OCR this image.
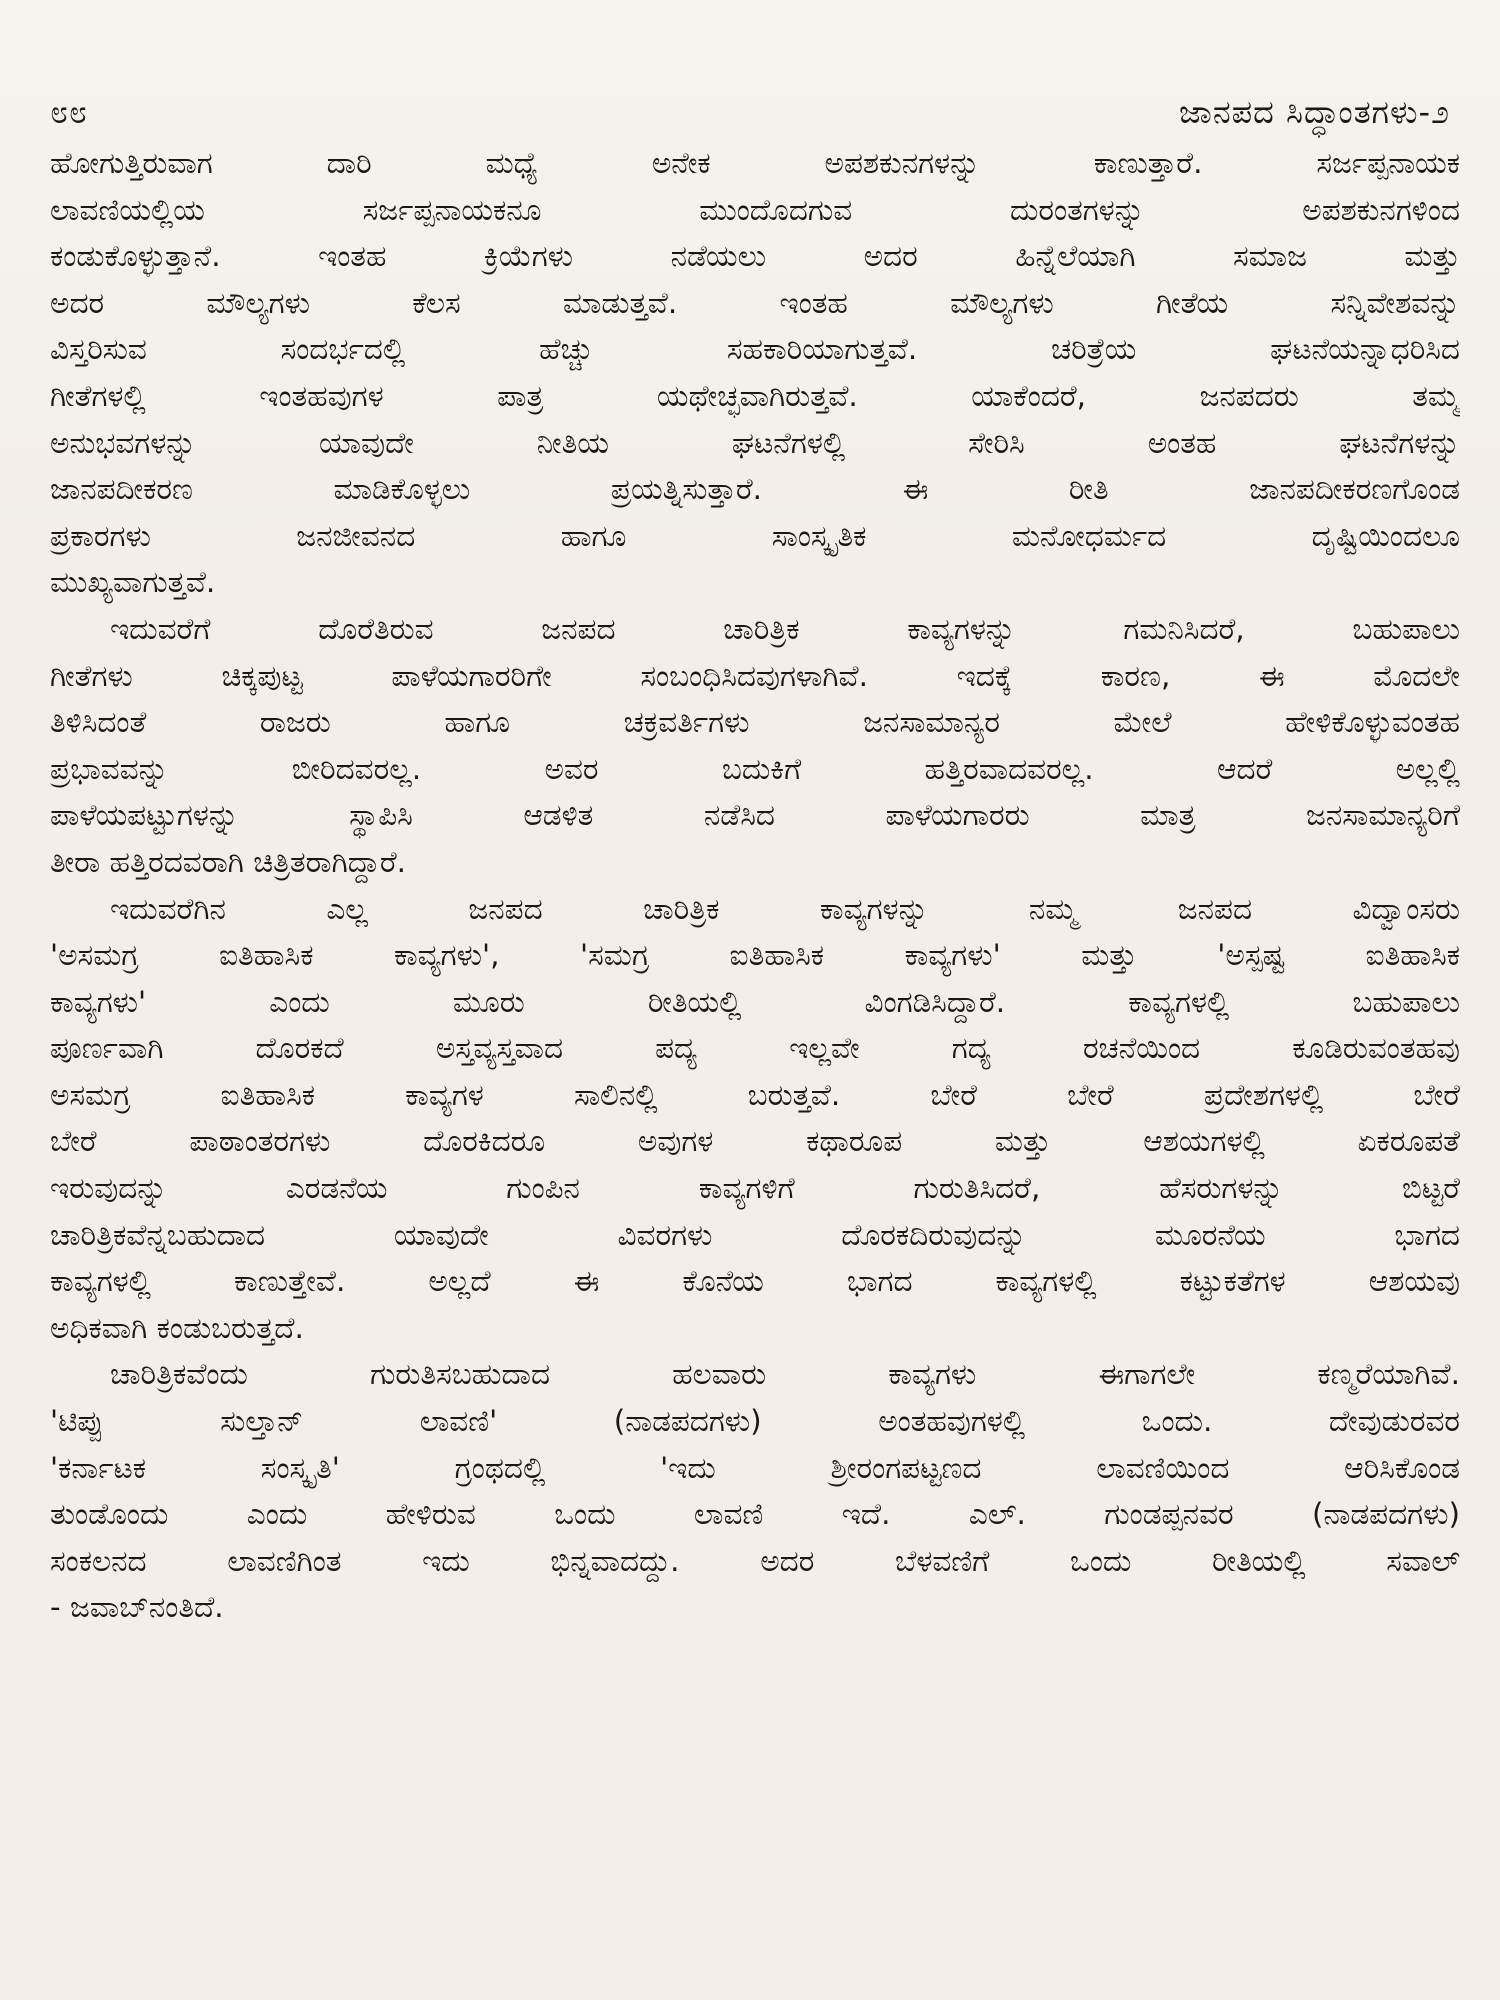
೮೮	ಜಾನಪದ ಸಿದ್ಧಾಂತಗಳು-೨
ಹೋಗುತ್ತಿರುವಾಗ ದಾರಿ ಮಧ್ಯೆ ಅನೇಕ ಅಪಶಕುನಗಳನ್ನು ಕಾಣುತ್ತಾರೆ. ಸರ್ಜಪ್ಪನಾಯಕ
ಲಾವಣಿಯಲ್ಲಿಯ ಸರ್ಜಪ್ಪನಾಯಕನೂ ಮುಂದೊದಗುವ ದುರಂತಗಳನ್ನು ಅಪಶಕುನಗಳಿಂದ
ಕಂಡುಕೊಳ್ಳುತ್ತಾನೆ. ಇಂತಹ ಕ್ರಿಯೆಗಳು ನಡೆಯಲು ಅದರ ಹಿನ್ನೆಲೆಯಾಗಿ ಸಮಾಜ ಮತ್ತು
ಅದರ ಮೌಲ್ಯಗಳು ಕೆಲಸ ಮಾಡುತ್ತವೆ. ಇಂತಹ ಮೌಲ್ಯಗಳು ಗೀತೆಯ ಸನ್ನಿವೇಶವನ್ನು
ವಿಸ್ತರಿಸುವ ಸಂದರ್ಭದಲ್ಲಿ ಹೆಚ್ಚು ಸಹಕಾರಿಯಾಗುತ್ತವೆ. ಚರಿತ್ರೆಯ ಘಟನೆಯನ್ನಾಧರಿಸಿದ
ಗೀತೆಗಳಲ್ಲಿ ಇಂತಹವುಗಳ ಪಾತ್ರ ಯಥೇಚ್ಛವಾಗಿರುತ್ತವೆ. ಯಾಕೆಂದರೆ, ಜನಪದರು ತಮ್ಮ
ಅನುಭವಗಳನ್ನು ಯಾವುದೇ ನೀತಿಯ ಘಟನೆಗಳಲ್ಲಿ ಸೇರಿಸಿ ಅಂತಹ ಘಟನೆಗಳನ್ನು
ಜಾನಪದೀಕರಣ ಮಾಡಿಕೊಳ್ಳಲು ಪ್ರಯತ್ನಿಸುತ್ತಾರೆ. ಈ ರೀತಿ ಜಾನಪದೀಕರಣಗೊಂಡ
ಪ್ರಕಾರಗಳು ಜನಜೀವನದ ಹಾಗೂ ಸಾಂಸ್ಕೃತಿಕ ಮನೋಧರ್ಮದ ದೃಷ್ಟಿಯಿಂದಲೂ
ಮುಖ್ಯವಾಗುತ್ತವೆ.
ಇದುವರೆಗೆ ದೊರೆತಿರುವ ಜನಪದ ಚಾರಿತ್ರಿಕ ಕಾವ್ಯಗಳನ್ನು ಗಮನಿಸಿದರೆ, ಬಹುಪಾಲು
ಗೀತೆಗಳು ಚಿಕ್ಕಪುಟ್ಟ ಪಾಳೆಯಗಾರರಿಗೇ ಸಂಬಂಧಿಸಿದವುಗಳಾಗಿವೆ. ಇದಕ್ಕೆ ಕಾರಣ, ಈ ಮೊದಲೇ
ತಿಳಿಸಿದಂತೆ ರಾಜರು ಹಾಗೂ ಚಕ್ರವರ್ತಿಗಳು ಜನಸಾಮಾನ್ಯರ ಮೇಲೆ ಹೇಳಿಕೊಳ್ಳುವಂತಹ
ಪ್ರಭಾವವನ್ನು ಬೀರಿದವರಲ್ಲ. ಅವರ ಬದುಕಿಗೆ ಹತ್ತಿರವಾದವರಲ್ಲ. ಆದರೆ ಅಲ್ಲಲ್ಲಿ
ಪಾಳೆಯಪಟ್ಟುಗಳನ್ನು ಸ್ಥಾಪಿಸಿ ಆಡಳಿತ ನಡೆಸಿದ ಪಾಳೆಯಗಾರರು ಮಾತ್ರ ಜನಸಾಮಾನ್ಯರಿಗೆ
ತೀರಾ ಹತ್ತಿರದವರಾಗಿ ಚಿತ್ರಿತರಾಗಿದ್ದಾರೆ.
ಇದುವರೆಗಿನ ಎಲ್ಲ ಜನಪದ ಚಾರಿತ್ರಿಕ ಕಾವ್ಯಗಳನ್ನು ನಮ್ಮ ಜನಪದ ವಿದ್ವಾಂಸರು
'ಅಸಮಗ್ರ ಐತಿಹಾಸಿಕ ಕಾವ್ಯಗಳು', 'ಸಮಗ್ರ ಐತಿಹಾಸಿಕ ಕಾವ್ಯಗಳು' ಮತ್ತು 'ಅಸ್ಪಷ್ಟ ಐತಿಹಾಸಿಕ
ಕಾವ್ಯಗಳು' ಎಂದು ಮೂರು ರೀತಿಯಲ್ಲಿ ವಿಂಗಡಿಸಿದ್ದಾರೆ. ಕಾವ್ಯಗಳಲ್ಲಿ ಬಹುಪಾಲು
ಪೂರ್ಣವಾಗಿ ದೊರಕದೆ ಅಸ್ತವ್ಯಸ್ತವಾದ ಪದ್ಯ ಇಲ್ಲವೇ ಗದ್ಯ ರಚನೆಯಿಂದ ಕೂಡಿರುವಂತಹವು
ಅಸಮಗ್ರ ಐತಿಹಾಸಿಕ ಕಾವ್ಯಗಳ ಸಾಲಿನಲ್ಲಿ ಬರುತ್ತವೆ. ಬೇರೆ ಬೇರೆ ಪ್ರದೇಶಗಳಲ್ಲಿ ಬೇರೆ
ಬೇರೆ ಪಾಠಾಂತರಗಳು ದೊರಕಿದರೂ ಅವುಗಳ ಕಥಾರೂಪ ಮತ್ತು ಆಶಯಗಳಲ್ಲಿ ಏಕರೂಪತೆ
ಇರುವುದನ್ನು ಎರಡನೆಯ ಗುಂಪಿನ ಕಾವ್ಯಗಳಿಗೆ ಗುರುತಿಸಿದರೆ, ಹೆಸರುಗಳನ್ನು ಬಿಟ್ಟರೆ
ಚಾರಿತ್ರಿಕವೆನ್ನಬಹುದಾದ ಯಾವುದೇ ವಿವರಗಳು ದೊರಕದಿರುವುದನ್ನು ಮೂರನೆಯ ಭಾಗದ
ಕಾವ್ಯಗಳಲ್ಲಿ ಕಾಣುತ್ತೇವೆ. ಅಲ್ಲದೆ ಈ ಕೊನೆಯ ಭಾಗದ ಕಾವ್ಯಗಳಲ್ಲಿ ಕಟ್ಟುಕತೆಗಳ ಆಶಯವು
ಅಧಿಕವಾಗಿ ಕಂಡುಬರುತ್ತದೆ.
ಚಾರಿತ್ರಿಕವೆಂದು ಗುರುತಿಸಬಹುದಾದ ಹಲವಾರು ಕಾವ್ಯಗಳು ಈಗಾಗಲೇ ಕಣ್ಮರೆಯಾಗಿವೆ.
'ಟಿಪ್ಪು ಸುಲ್ತಾನ್ ಲಾವಣಿ' (ನಾಡಪದಗಳು) ಅಂತಹವುಗಳಲ್ಲಿ ಒಂದು. ದೇವುಡುರವರ
'ಕರ್ನಾಟಕ ಸಂಸ್ಕೃತಿ' ಗ್ರಂಥದಲ್ಲಿ 'ಇದು ಶ್ರೀರಂಗಪಟ್ಟಣದ ಲಾವಣಿಯಿಂದ ಆರಿಸಿಕೊಂಡ
ತುಂಡೊಂದು ಎಂದು ಹೇಳಿರುವ ಒಂದು ಲಾವಣಿ ಇದೆ. ಎಲ್. ಗುಂಡಪ್ಪನವರ (ನಾಡಪದಗಳು)
ಸಂಕಲನದ ಲಾವಣಿಗಿಂತ ಇದು ಭಿನ್ನವಾದದ್ದು. ಅದರ ಬೆಳವಣಿಗೆ ಒಂದು ರೀತಿಯಲ್ಲಿ ಸವಾಲ್
- ಜವಾಬ್‌ನಂತಿದೆ.
